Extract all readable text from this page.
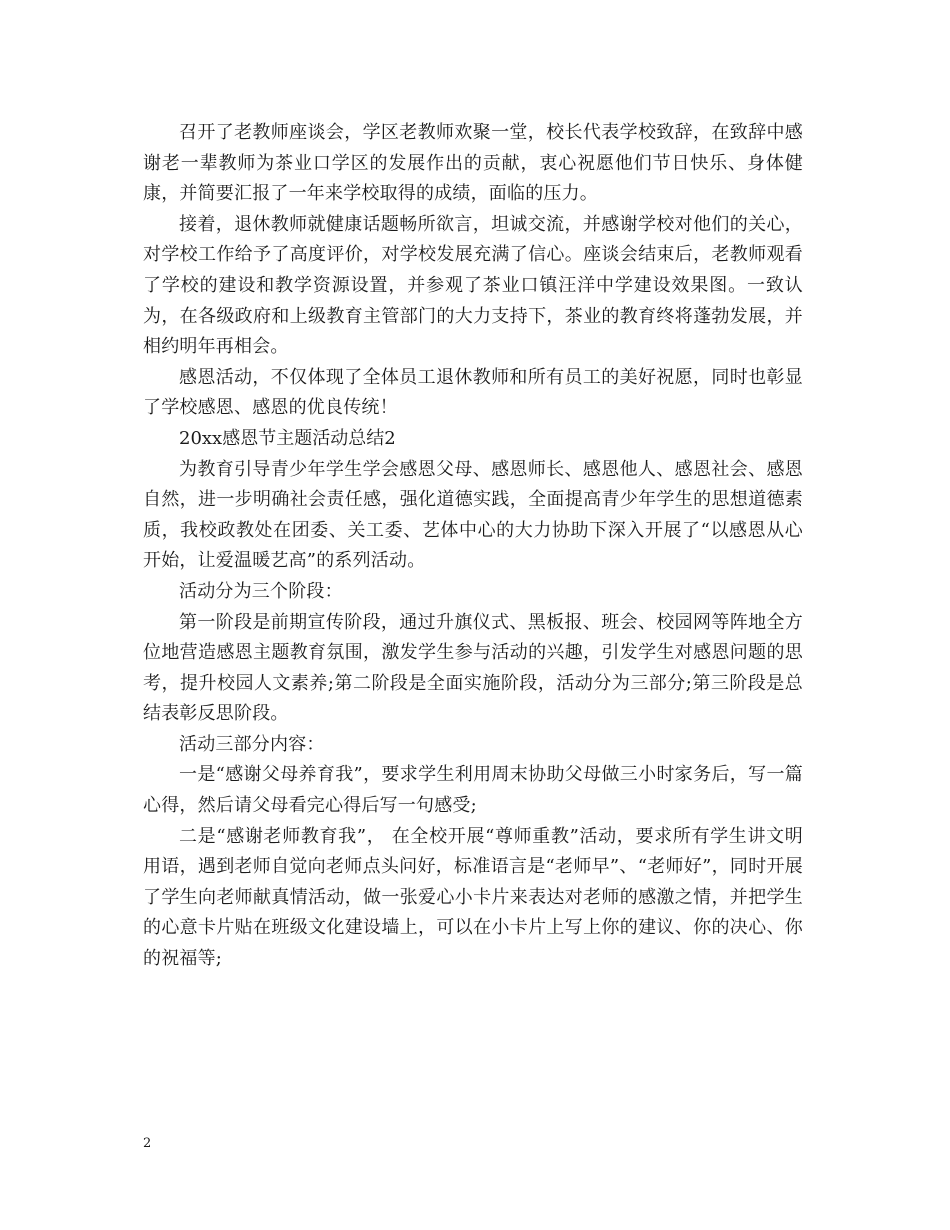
召开了老教师座谈会，学区老教师欢聚一堂，校长代表学校致辞，在致辞中感谢老一辈教师为茶业口学区的发展作出的贡献，衷心祝愿他们节日快乐、身体健康，并简要汇报了一年来学校取得的成绩，面临的压力。

接着，退休教师就健康话题畅所欲言，坦诚交流，并感谢学校对他们的关心，对学校工作给予了高度评价，对学校发展充满了信心。座谈会结束后，老教师观看了学校的建设和教学资源设置，并参观了茶业口镇汪洋中学建设效果图。一致认为，在各级政府和上级教育主管部门的大力支持下，茶业的教育终将蓬勃发展，并相约明年再相会。

感恩活动，不仅体现了全体员工退休教师和所有员工的美好祝愿，同时也彰显了学校感恩、感恩的优良传统！

20xx感恩节主题活动总结2

为教育引导青少年学生学会感恩父母、感恩师长、感恩他人、感恩社会、感恩自然，进一步明确社会责任感，强化道德实践，全面提高青少年学生的思想道德素质，我校政教处在团委、关工委、艺体中心的大力协助下深入开展了“以感恩从心开始，让爱温暖艺高”的系列活动。

活动分为三个阶段：

第一阶段是前期宣传阶段，通过升旗仪式、黑板报、班会、校园网等阵地全方位地营造感恩主题教育氛围，激发学生参与活动的兴趣，引发学生对感恩问题的思考，提升校园人文素养;第二阶段是全面实施阶段，活动分为三部分;第三阶段是总结表彰反思阶段。

活动三部分内容：

一是“感谢父母养育我”，要求学生利用周末协助父母做三小时家务后，写一篇心得，然后请父母看完心得后写一句感受;

二是“感谢老师教育我”， 在全校开展“尊师重教”活动，要求所有学生讲文明用语，遇到老师自觉向老师点头问好，标准语言是“老师早”、“老师好”，同时开展了学生向老师献真情活动，做一张爱心小卡片来表达对老师的感激之情，并把学生的心意卡片贴在班级文化建设墙上，可以在小卡片上写上你的建议、你的决心、你的祝福等;

2
